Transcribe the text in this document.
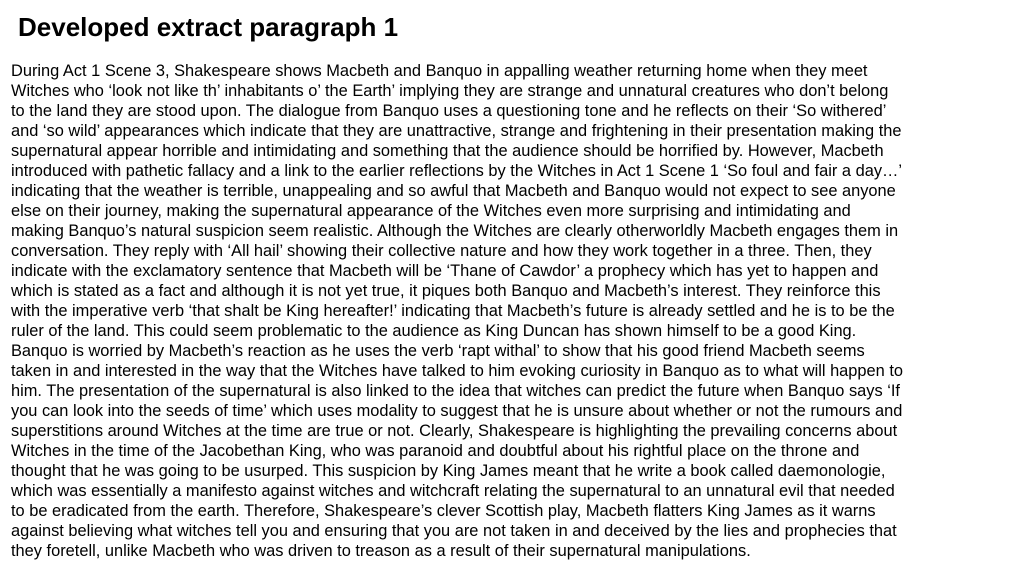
Developed extract paragraph 1
During Act 1 Scene 3, Shakespeare shows Macbeth and Banquo in appalling weather returning home when they meet
Witches who ‘look not like th’ inhabitants o’ the Earth’ implying they are strange and unnatural creatures who don’t belong
to the land they are stood upon. The dialogue from Banquo uses a questioning tone and he reflects on their ‘So withered’
and ‘so wild’ appearances which indicate that they are unattractive, strange and frightening in their presentation making the
supernatural appear horrible and intimidating and something that the audience should be horrified by. However, Macbeth
introduced with pathetic fallacy and a link to the earlier reflections by the Witches in Act 1 Scene 1 ‘So foul and fair a day…’
indicating that the weather is terrible, unappealing and so awful that Macbeth and Banquo would not expect to see anyone
else on their journey, making the supernatural appearance of the Witches even more surprising and intimidating and
making Banquo’s natural suspicion seem realistic. Although the Witches are clearly otherworldly Macbeth engages them in
conversation. They reply with ‘All hail’ showing their collective nature and how they work together in a three. Then, they
indicate with the exclamatory sentence that Macbeth will be ‘Thane of Cawdor’ a prophecy which has yet to happen and
which is stated as a fact and although it is not yet true, it piques both Banquo and Macbeth’s interest. They reinforce this
with the imperative verb ‘that shalt be King hereafter!’ indicating that Macbeth’s future is already settled and he is to be the
ruler of the land. This could seem problematic to the audience as King Duncan has shown himself to be a good King.
Banquo is worried by Macbeth’s reaction as he uses the verb ‘rapt withal’ to show that his good friend Macbeth seems
taken in and interested in the way that the Witches have talked to him evoking curiosity in Banquo as to what will happen to
him. The presentation of the supernatural is also linked to the idea that witches can predict the future when Banquo says ‘If
you can look into the seeds of time’ which uses modality to suggest that he is unsure about whether or not the rumours and
superstitions around Witches at the time are true or not. Clearly, Shakespeare is highlighting the prevailing concerns about
Witches in the time of the Jacobethan King, who was paranoid and doubtful about his rightful place on the throne and
thought that he was going to be usurped. This suspicion by King James meant that he write a book called daemonologie,
which was essentially a manifesto against witches and witchcraft relating the supernatural to an unnatural evil that needed
to be eradicated from the earth. Therefore, Shakespeare’s clever Scottish play, Macbeth flatters King James as it warns
against believing what witches tell you and ensuring that you are not taken in and deceived by the lies and prophecies that
they foretell, unlike Macbeth who was driven to treason as a result of their supernatural manipulations.
